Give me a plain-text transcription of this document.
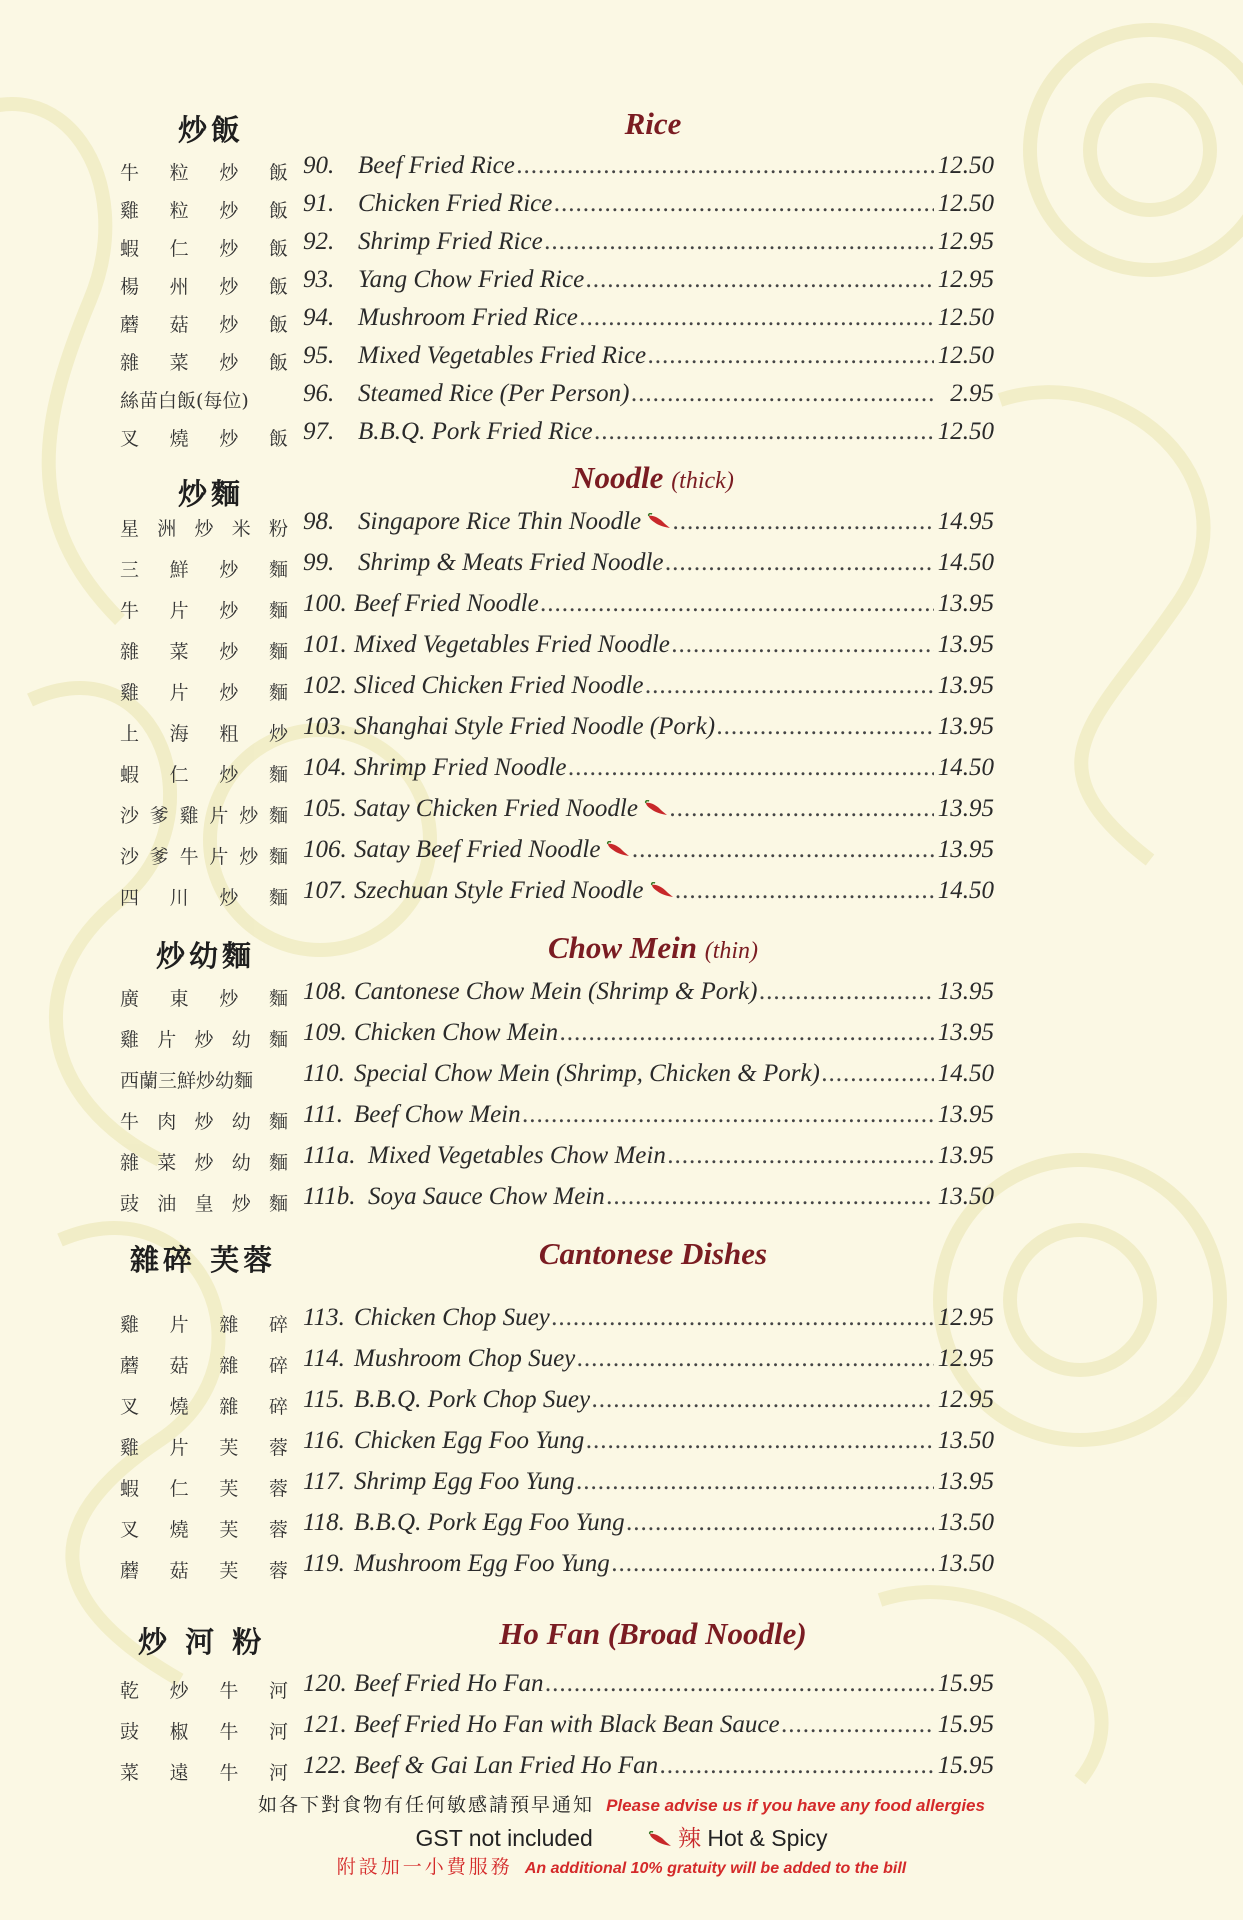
炒飯	Rice
牛 粒 炒 飯 90. Beef Fried Rice .....	12.50
雞 粒 炒 飯 91. Chicken Fried Rice .....	12.50
蝦 仁 炒 飯 92. Shrimp Fried Rice .....	12.95
楊 州 炒 飯 93. Yang Chow Fried Rice .....	12.95
蘑 菇 炒 飯 94. Mushroom Fried Rice .....	12.50
雜 菜 炒 飯 95. Mixed Vegetables Fried Rice .....	12.50
絲苗白飯(每位) 96. Steamed Rice (Per Person) .....	2.95
叉 燒 炒 飯 97. B.B.Q. Pork Fried Rice .....	12.50
炒麵	Noodle (thick)
星 洲 炒 米 粉 98. Singapore Rice Thin Noodle .....	14.95
三 鮮 炒 麵 99. Shrimp & Meats Fried Noodle .....	14.50
牛 片 炒 麵 100. Beef Fried Noodle .....	13.95
雜 菜 炒 麵 101. Mixed Vegetables Fried Noodle .....	13.95
雞 片 炒 麵 102. Sliced Chicken Fried Noodle .....	13.95
上 海 粗 炒 103. Shanghai Style Fried Noodle (Pork) .....	13.95
蝦 仁 炒 麵 104. Shrimp Fried Noodle .....	14.50
沙 爹 雞 片 炒 麵 105. Satay Chicken Fried Noodle .....	13.95
沙 爹 牛 片 炒 麵 106. Satay Beef Fried Noodle .....	13.95
四 川 炒 麵 107. Szechuan Style Fried Noodle .....	14.50
炒幼麵	Chow Mein (thin)
廣 東 炒 麵 108. Cantonese Chow Mein (Shrimp & Pork) .....	13.95
雞 片 炒 幼 麵 109. Chicken Chow Mein .....	13.95
西蘭三鮮炒幼麵 110. Special Chow Mein (Shrimp, Chicken & Pork) .....	14.50
牛 肉 炒 幼 麵 111. Beef Chow Mein .....	13.95
雜 菜 炒 幼 麵 111a. Mixed Vegetables Chow Mein .....	13.95
豉 油 皇 炒 麵 111b. Soya Sauce Chow Mein .....	13.50
雜碎 芙蓉	Cantonese Dishes
雞 片 雜 碎 113. Chicken Chop Suey .....	12.95
蘑 菇 雜 碎 114. Mushroom Chop Suey .....	12.95
叉 燒 雜 碎 115. B.B.Q. Pork Chop Suey .....	12.95
雞 片 芙 蓉 116. Chicken Egg Foo Yung .....	13.50
蝦 仁 芙 蓉 117. Shrimp Egg Foo Yung .....	13.95
叉 燒 芙 蓉 118. B.B.Q. Pork Egg Foo Yung .....	13.50
蘑 菇 芙 蓉 119. Mushroom Egg Foo Yung .....	13.50
炒 河 粉	Ho Fan (Broad Noodle)
乾 炒 牛 河 120. Beef Fried Ho Fan .....	15.95
豉 椒 牛 河 121. Beef Fried Ho Fan with Black Bean Sauce .....	15.95
菜 遠 牛 河 122. Beef & Gai Lan Fried Ho Fan .....	15.95
如各下對食物有任何敏感請預早通知 Please advise us if you have any food allergies
GST not included	辣 Hot & Spicy
附設加一小費服務 An additional 10% gratuity will be added to the bill
